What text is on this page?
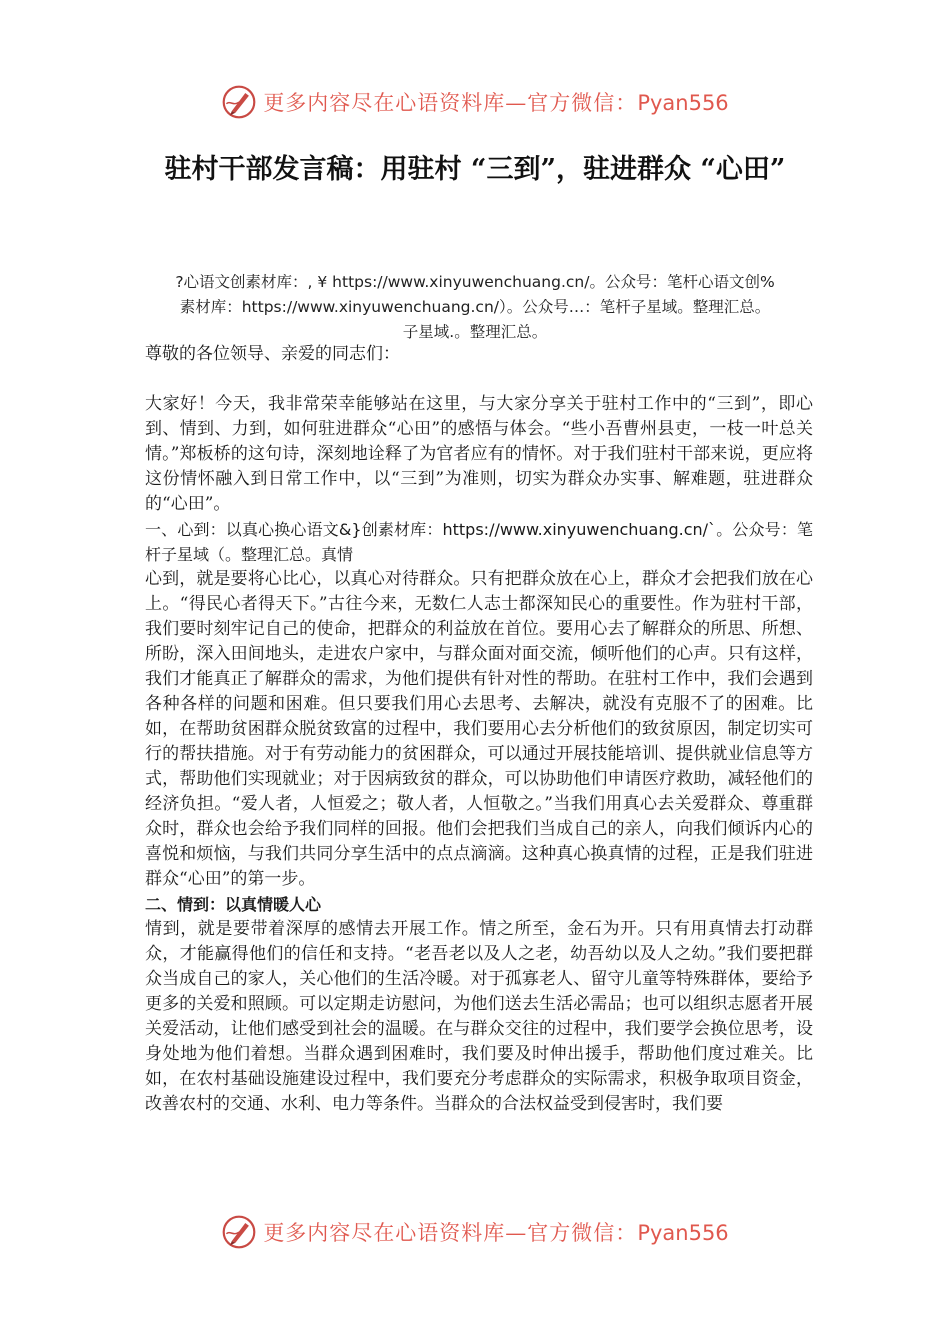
更多内容尽在心语资料库—官方微信：Pyan556
驻村干部发言稿：用驻村 “三到”，驻进群众 “心田”
?心语文创素材库：, ¥ https://www.xinyuwenchuang.cn/。公众号：笔杆心语文创%
素材库：https://www.xinyuwenchuang.cn/）。公众号…：笔杆子星域。整理汇总。
子星域.。整理汇总。

尊敬的各位领导、亲爱的同志们：

大家好！今天，我非常荣幸能够站在这里，与大家分享关于驻村工作中的“三到”，即心到、情到、力到，如何驻进群众“心田”的感悟与体会。“些小吾曹州县吏，一枝一叶总关情。”郑板桥的这句诗，深刻地诠释了为官者应有的情怀。对于我们驻村干部来说，更应将这份情怀融入到日常工作中，以“三到”为准则，切实为群众办实事、解难题，驻进群众的“心田”。

一、心到：以真心换心语文&}创素材库：https://www.xinyuwenchuang.cn/`。公众号：笔杆子星域（。整理汇总。真情

心到，就是要将心比心，以真心对待群众。只有把群众放在心上，群众才会把我们放在心上。“得民心者得天下。”古往今来，无数仁人志士都深知民心的重要性。作为驻村干部，我们要时刻牢记自己的使命，把群众的利益放在首位。要用心去了解群众的所思、所想、所盼，深入田间地头，走进农户家中，与群众面对面交流，倾听他们的心声。只有这样，我们才能真正了解群众的需求，为他们提供有针对性的帮助。在驻村工作中，我们会遇到各种各样的问题和困难。但只要我们用心去思考、去解决，就没有克服不了的困难。比如，在帮助贫困群众脱贫致富的过程中，我们要用心去分析他们的致贫原因，制定切实可行的帮扶措施。对于有劳动能力的贫困群众，可以通过开展技能培训、提供就业信息等方式，帮助他们实现就业；对于因病致贫的群众，可以协助他们申请医疗救助，减轻他们的经济负担。“爱人者，人恒爱之；敬人者，人恒敬之。”当我们用真心去关爱群众、尊重群众时，群众也会给予我们同样的回报。他们会把我们当成自己的亲人，向我们倾诉内心的喜悦和烦恼，与我们共同分享生活中的点点滴滴。这种真心换真情的过程，正是我们驻进群众“心田”的第一步。

二、情到：以真情暖人心

情到，就是要带着深厚的感情去开展工作。情之所至，金石为开。只有用真情去打动群众，才能赢得他们的信任和支持。“老吾老以及人之老，幼吾幼以及人之幼。”我们要把群众当成自己的家人，关心他们的生活冷暖。对于孤寡老人、留守儿童等特殊群体，要给予更多的关爱和照顾。可以定期走访慰问，为他们送去生活必需品；也可以组织志愿者开展关爱活动，让他们感受到社会的温暖。在与群众交往的过程中，我们要学会换位思考，设身处地为他们着想。当群众遇到困难时，我们要及时伸出援手，帮助他们度过难关。比如，在农村基础设施建设过程中，我们要充分考虑群众的实际需求，积极争取项目资金，改善农村的交通、水利、电力等条件。当群众的合法权益受到侵害时，我们要

更多内容尽在心语资料库—官方微信：Pyan556
